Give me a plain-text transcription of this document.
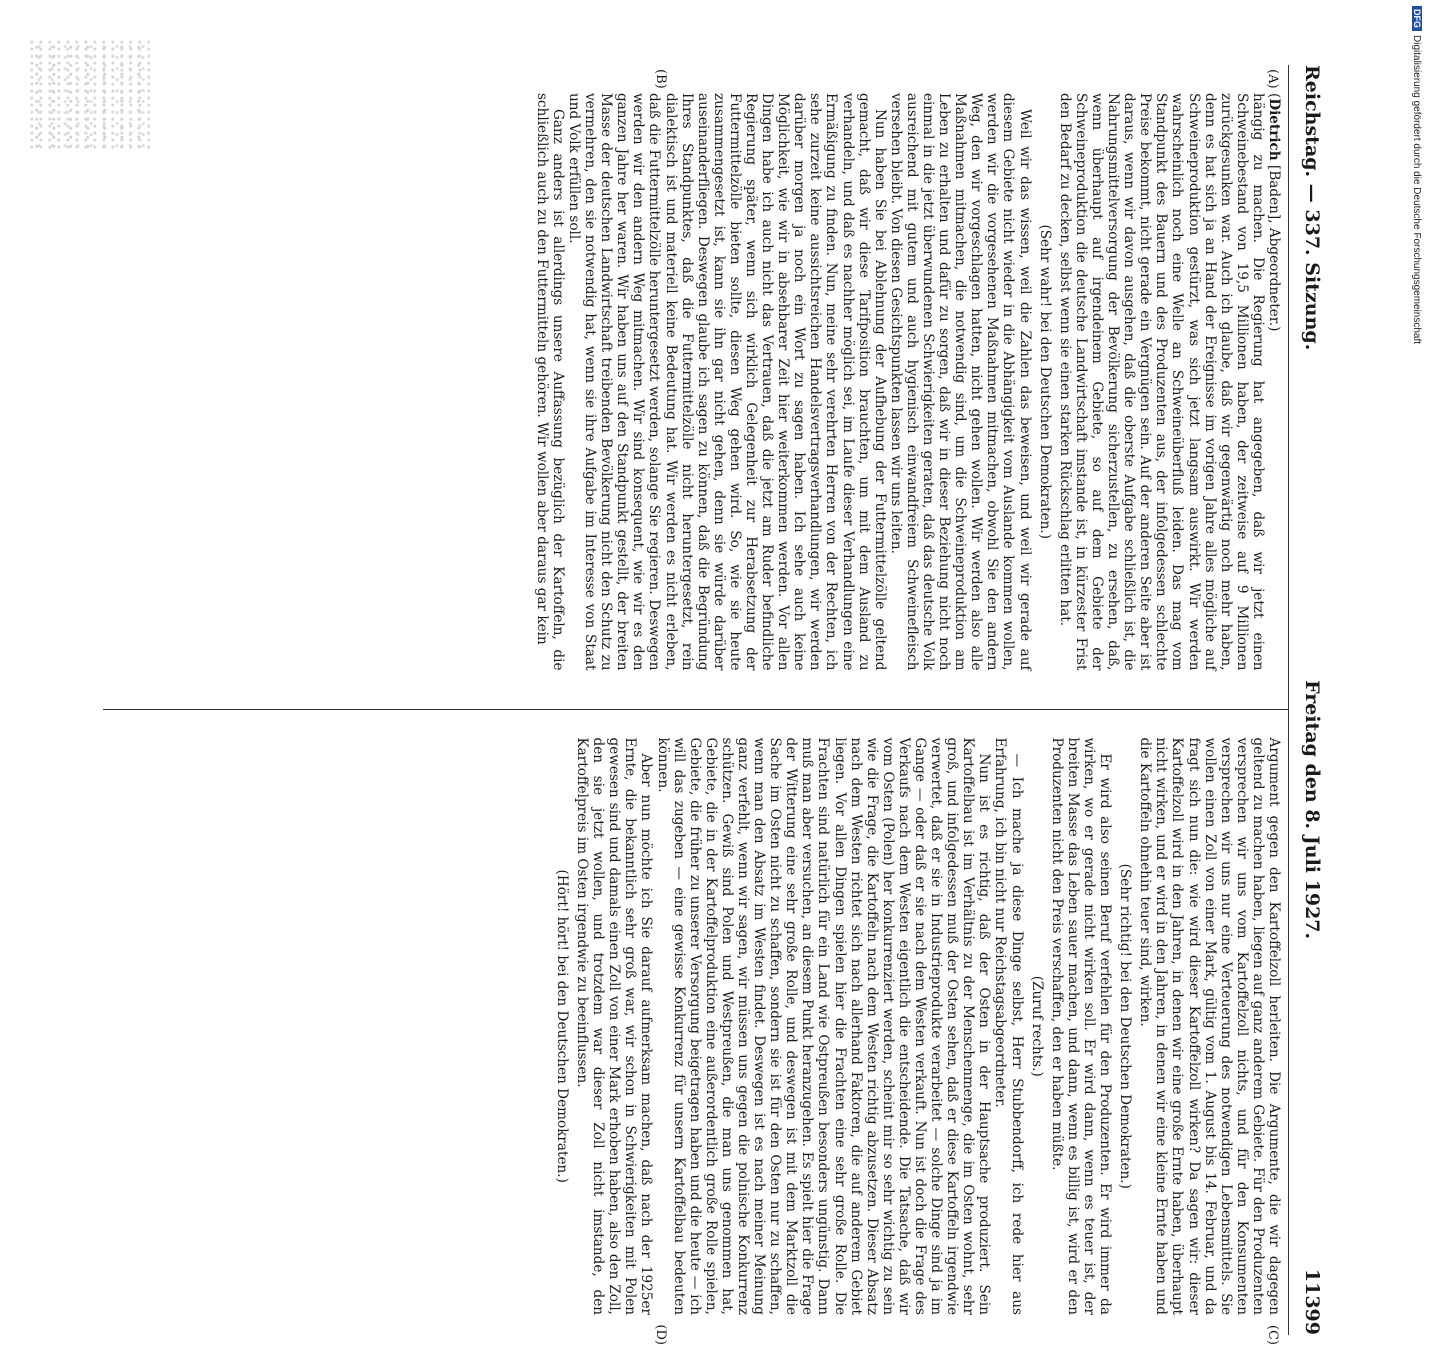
Reichstag. — 337. Sitzung.
Freitag den 8. Juli 1927.
11399
(A)
(B)

(Dietrich [Baden], Abgeordneter.)

hängig zu machen. Die Regierung hat angegeben, daß wir jetzt einen Schweinebestand von 19,5 Millionen haben, der zeitweise auf 9 Millionen zurückgesunken war. Auch ich glaube, daß wir gegenwärtig noch mehr haben, denn es hat sich ja an Hand der Ereignisse im vorigen Jahre alles mögliche auf Schweineproduktion gestürzt, was sich jetzt langsam auswirkt. Wir werden wahrscheinlich noch eine Welle an Schweineüberfluß leiden. Das mag vom Standpunkt des Bauern und des Produzenten aus, der infolgedessen schlechte Preise bekommt, nicht gerade ein Vergnügen sein. Auf der anderen Seite aber ist daraus, wenn wir davon ausgehen, daß die oberste Aufgabe schließlich ist, die Nahrungsmittelversorgung der Bevölkerung sicherzustellen, zu ersehen, daß, wenn überhaupt auf irgendeinem Gebiete, so auf dem Gebiete der Schweineproduktion die deutsche Landwirtschaft imstande ist, in kürzester Frist den Bedarf zu decken, selbst wenn sie einen starken Rückschlag erlitten hat.

(Sehr wahr! bei den Deutschen Demokraten.)

Weil wir das wissen, weil die Zahlen das beweisen, und weil wir gerade auf diesem Gebiete nicht wieder in die Abhängigkeit vom Auslande kommen wollen, werden wir die vorgesehenen Maßnahmen mitmachen, obwohl Sie den andern Weg, den wir vorgeschlagen hatten, nicht gehen wollen. Wir werden also alle Maßnahmen mitmachen, die notwendig sind, um die Schweineproduktion am Leben zu erhalten und dafür zu sorgen, daß wir in dieser Beziehung nicht noch einmal in die jetzt überwundenen Schwierigkeiten geraten, daß das deutsche Volk ausreichend mit gutem und auch hygienisch einwandfreiem Schweinefleisch versehen bleibt. Von diesen Gesichtspunkten lassen wir uns leiten.

Nun haben Sie bei Ablehnung der Aufhebung der Futtermittelzölle geltend gemacht, daß wir diese Tarifposition brauchten, um mit dem Ausland zu verhandeln, und daß es nachher möglich sei, im Laufe dieser Verhandlungen eine Ermäßigung zu finden. Nun, meine sehr verehrten Herren von der Rechten, ich sehe zurzeit keine aussichtsreichen Handelsvertragsverhandlungen, wir werden darüber morgen ja noch ein Wort zu sagen haben. Ich sehe auch keine Möglichkeit, wie wir in absehbarer Zeit hier weiterkommen werden. Vor allen Dingen habe ich auch nicht das Vertrauen, daß die jetzt am Ruder befindliche Regierung später, wenn sich wirklich Gelegenheit zur Herabsetzung der Futtermittelzölle bieten sollte, diesen Weg gehen wird. So, wie sie heute zusammengesetzt ist, kann sie ihn gar nicht gehen, denn sie würde darüber auseinanderfliegen. Deswegen glaube ich sagen zu können, daß die Begründung Ihres Standpunktes, daß die Futtermittelzölle nicht heruntergesetzt, rein dialektisch ist und materiell keine Bedeutung hat. Wir werden es nicht erleben, daß die Futtermittelzölle heruntergesetzt werden, solange Sie regieren. Deswegen werden wir den andern Weg mitmachen. Wir sind konsequent, wie wir es den ganzen Jahre her waren. Wir haben uns auf den Standpunkt gestellt, der breiten Masse der deutschen Landwirtschaft treibenden Bevölkerung nicht den Schutz zu vermehren, den sie notwendig hat, wenn sie ihre Aufgabe im Interesse von Staat und Volk erfüllen soll.

Ganz anders ist allerdings unsere Auffassung bezüglich der Kartoffeln, die schließlich auch zu den Futtermitteln gehören. Wir wollen aber daraus gar kein

(C)
(D)

Argument gegen den Kartoffelzoll herleiten. Die Argumente, die wir dagegen geltend zu machen haben, liegen auf ganz anderem Gebiete. Für den Produzenten versprechen wir uns vom Kartoffelzoll nichts, und für den Konsumenten versprechen wir uns nur eine Verteuerung des notwendigen Lebensmittels. Sie wollen einen Zoll von einer Mark, gültig vom 1. August bis 14. Februar, und da fragt sich nun die: wie wird dieser Kartoffelzoll wirken? Da sagen wir: dieser Kartoffelzoll wird in den Jahren, in denen wir eine große Ernte haben, überhaupt nicht wirken, und er wird in den Jahren, in denen wir eine kleine Ernte haben und die Kartoffeln ohnehin teuer sind, wirken.

(Sehr richtig! bei den Deutschen Demokraten.)

Er wird also seinen Beruf verfehlen für den Produzenten. Er wird immer da wirken, wo er gerade nicht wirken soll. Er wird dann, wenn es teuer ist, der breiten Masse das Leben sauer machen, und dann, wenn es billig ist, wird er den Produzenten nicht den Preis verschaffen, den er haben müßte.

(Zuruf rechts.)

— Ich mache ja diese Dinge selbst, Herr Stubbendorff, ich rede hier aus Erfahrung, ich bin nicht nur Reichstagsabgeordneter.

Nun ist es richtig, daß der Osten in der Hauptsache produziert. Sein Kartoffelbau ist im Verhältnis zu der Menschenmenge, die im Osten wohnt, sehr groß, und infolgedessen muß der Osten sehen, daß er diese Kartoffeln irgendwie verwertet, daß er sie in Industrieprodukte verarbeitet — solche Dinge sind ja im Gange — oder daß er sie nach dem Westen verkauft. Nun ist doch die Frage des Verkaufs nach dem Westen eigentlich die entscheidende. Die Tatsache, daß wir vom Osten (Polen) her konkurrenziert werden, scheint mir so sehr wichtig zu sein wie die Frage, die Kartoffeln nach dem Westen richtig abzusetzen. Dieser Absatz nach dem Westen richtet sich nach allerhand Faktoren, die auf anderem Gebiet liegen. Vor allen Dingen spielen hier die Frachten eine sehr große Rolle. Die Frachten sind natürlich für ein Land wie Ostpreußen besonders ungünstig. Dann muß man aber versuchen, an diesem Punkt heranzugehen. Es spielt hier die Frage der Witterung eine sehr große Rolle, und deswegen ist mit dem Marktzoll die Sache im Osten nicht zu schaffen, sondern sie ist für den Osten nur zu schaffen, wenn man den Absatz im Westen findet. Deswegen ist es nach meiner Meinung ganz verfehlt, wenn wir sagen, wir müssen uns gegen die polnische Konkurrenz schützen. Gewiß sind Polen und Westpreußen, die man uns genommen hat, Gebiete, die in der Kartoffelproduktion eine außerordentlich große Rolle spielen, Gebiete, die früher zu unserer Versorgung beigetragen haben und die heute — ich will das zugeben — eine gewisse Konkurrenz für unsern Kartoffelbau bedeuten können.

Aber nun möchte ich Sie darauf aufmerksam machen, daß nach der 1925er Ernte, die bekanntlich sehr groß war, wir schon in Schwierigkeiten mit Polen gewesen sind und damals einen Zoll von einer Mark erhoben haben, also den Zoll, den sie jetzt wollen, und trotzdem war dieser Zoll nicht imstande, den Kartoffelpreis im Osten irgendwie zu beeinflussen.

(Hört! hört! bei den Deutschen Demokraten.)

DFGDigitalisierung gefördert durch die Deutsche Forschungsgemeinschaft
